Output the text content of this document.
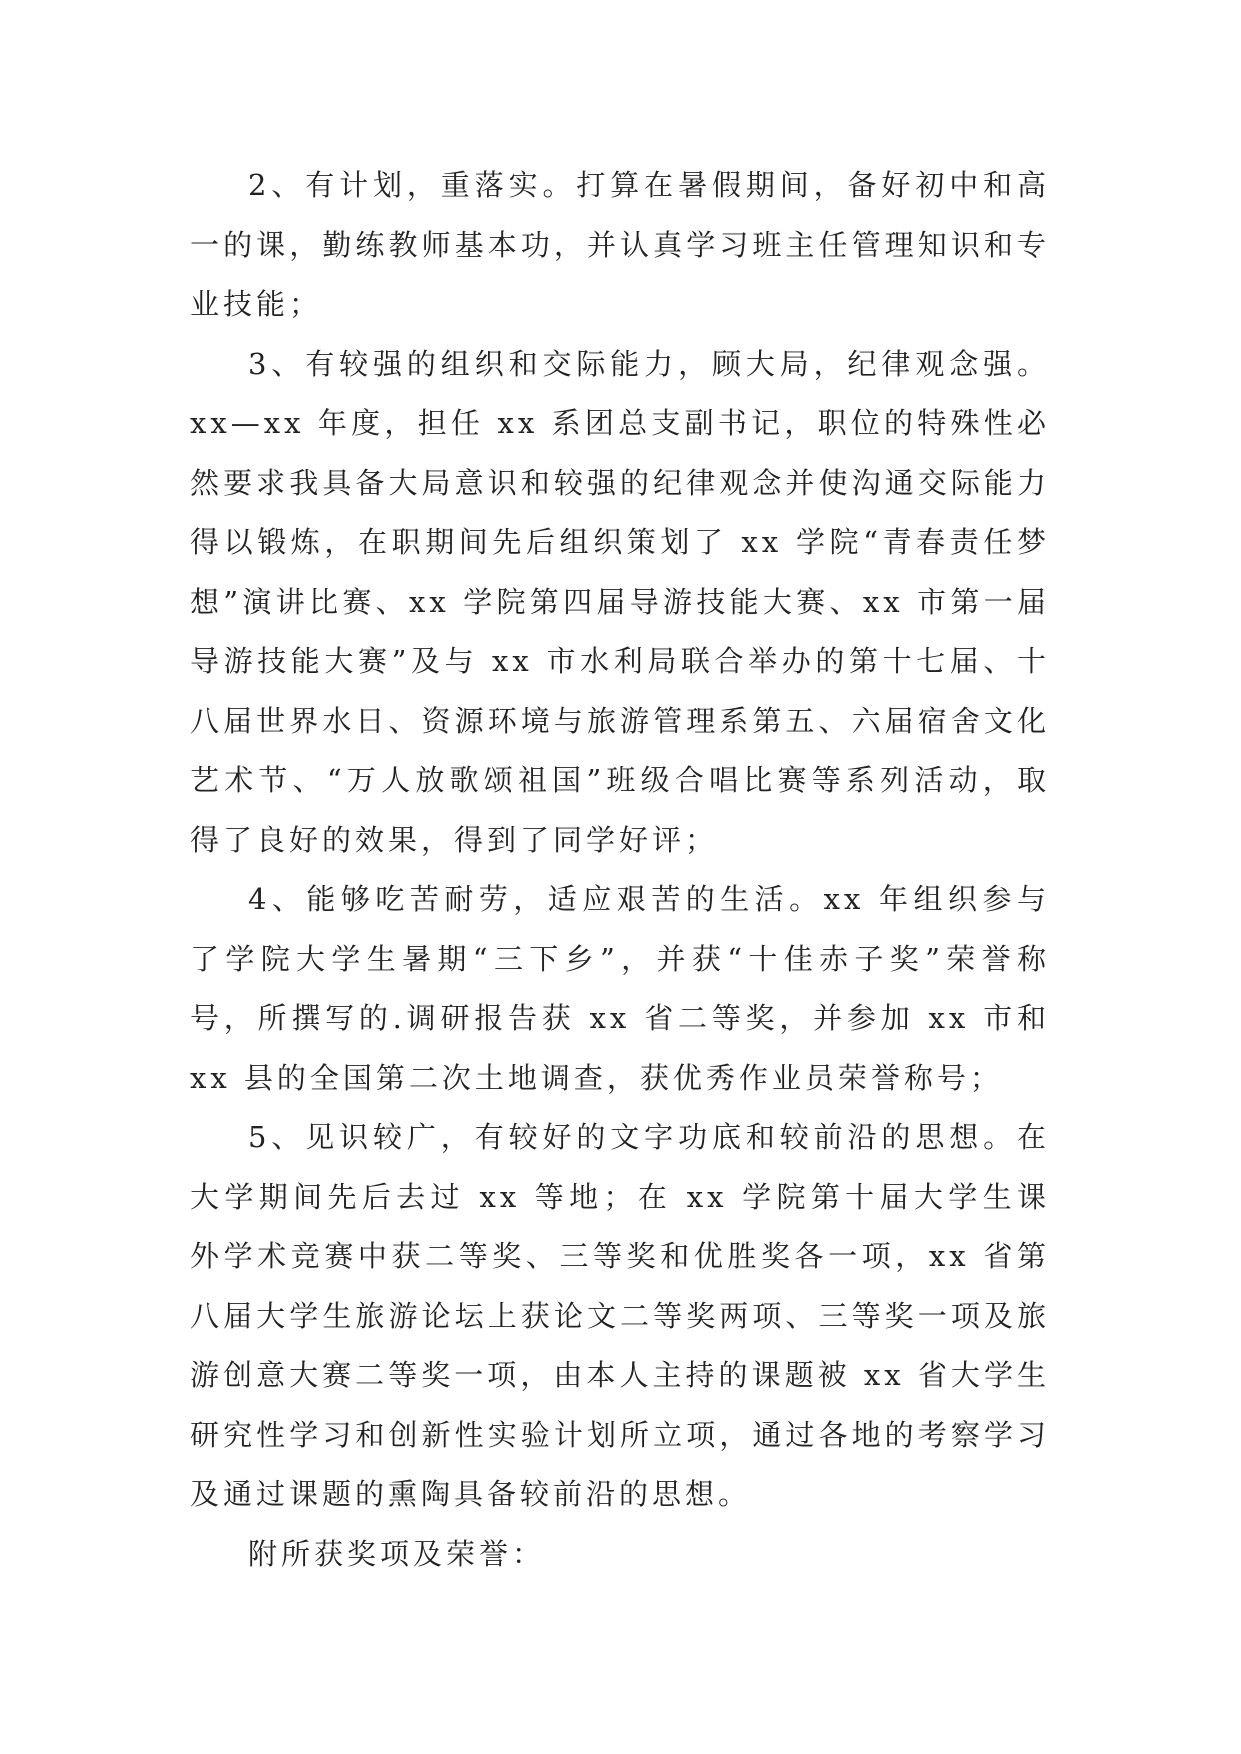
2、有计划，重落实。打算在暑假期间，备好初中和高一的课，勤练教师基本功，并认真学习班主任管理知识和专业技能；

3、有较强的组织和交际能力，顾大局，纪律观念强。xx—xx 年度，担任 xx 系团总支副书记，职位的特殊性必然要求我具备大局意识和较强的纪律观念并使沟通交际能力得以锻炼，在职期间先后组织策划了 xx 学院“青春责任梦想”演讲比赛、xx 学院第四届导游技能大赛、xx 市第一届导游技能大赛”及与 xx 市水利局联合举办的第十七届、十八届世界水日、资源环境与旅游管理系第五、六届宿舍文化艺术节、“万人放歌颂祖国”班级合唱比赛等系列活动，取得了良好的效果，得到了同学好评；

4、能够吃苦耐劳，适应艰苦的生活。xx 年组织参与了学院大学生暑期“三下乡”，并获“十佳赤子奖”荣誉称号，所撰写的.调研报告获 xx 省二等奖，并参加 xx 市和 xx 县的全国第二次土地调查，获优秀作业员荣誉称号；

5、见识较广，有较好的文字功底和较前沿的思想。在大学期间先后去过 xx 等地；在 xx 学院第十届大学生课外学术竞赛中获二等奖、三等奖和优胜奖各一项，xx 省第八届大学生旅游论坛上获论文二等奖两项、三等奖一项及旅游创意大赛二等奖一项，由本人主持的课题被 xx 省大学生研究性学习和创新性实验计划所立项，通过各地的考察学习及通过课题的熏陶具备较前沿的思想。

附所获奖项及荣誉：
